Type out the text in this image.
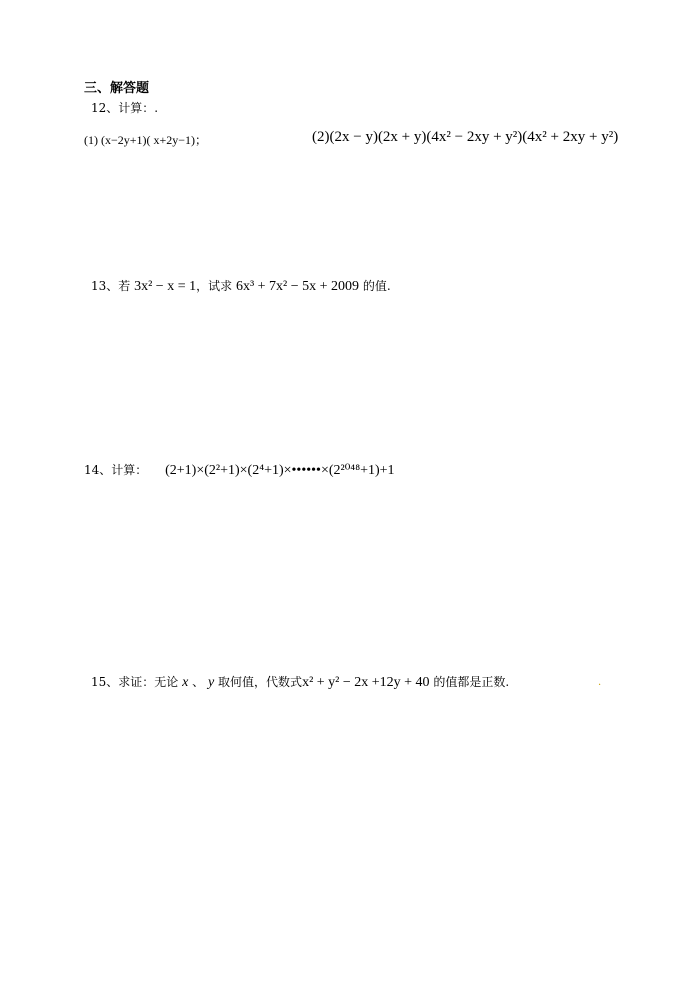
三、解答题
12、计算：.
(1) (x−2y+1)( x+2y−1)；	(2)(2x − y)(2x + y)(4x² − 2xy + y²)(4x² + 2xy + y²)
13、若 3x² − x = 1，试求 6x³ + 7x² − 5x + 2009 的值.
14、计算： (2+1)×(2²+1)×(2⁴+1)×••••••×(2²⁰⁴⁸+1)+1
15、求证：无论 x 、 y 取何值，代数式x² + y² − 2x +12y + 40 的值都是正数.	.
